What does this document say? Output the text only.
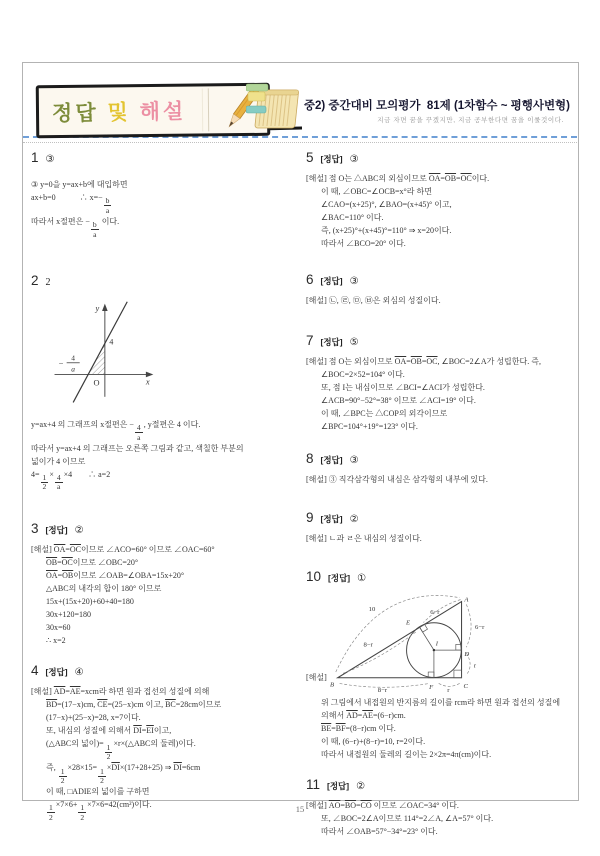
정답 및 해설	중2) 중간대비 모의평가  81제 (1차함수 ~ 평행사변형)
지금 자면 꿈을 꾸겠지만, 지금 공부한다면 꿈을 이룰것이다.
1 ③
③ y=0을 y=ax+b에 대입하면
ax+b=0　　　∴ $x=- \frac{b}{a}$
따라서 x절편은 − $\frac{b}{a}$ 이다.
2 2
y
x
O
4
−
4
a
y=ax+4 의 그래프의 x절편은 − $\frac{4}{a}$ , y절편은 4 이다.
따라서 y=ax+4 의 그래프는 오른쪽 그림과 같고, 색칠한 부분의
넓이가 4 이므로
$4= \frac{1}{2} \times \frac{4}{a} \times 4$　　∴ a=2
3 [정답] ②
[해설] $\overline{OA}=\overline{OC}$이므로 ∠ACO=60° 이므로 ∠OAC=60°
$\overline{OB}=\overline{OC}$이므로 ∠OBC=20°
$\overline{OA}=\overline{OB}$이므로 ∠OAB=∠OBA=15x+20°
△ABC의 내각의 합이 180° 이므로
15x+(15x+20)+60+40=180
30x+120=180
30x=60
∴ x=2
4 [정답] ④
[해설] $\overline{AD}=\overline{AE}=xcm$라 하면 원과 접선의 성질에 의해
$\overline{BD}=(17-x)cm$, $\overline{CE}=(25-x)cm$ 이고, $\overline{BC}=28cm$이므로
(17−x)+(25−x)=28, x=7이다.
또, 내심의 성질에 의해서 $\overline{DI}=\overline{EI}$이고,
(△ABC의 넓이)= $\frac{1}{2}$ ×r×(△ABC의 둘레)이다.
즉, $\frac{1}{2} \times 28\times 15= \frac{1}{2} \times\overline{DI}\times(17+28+25)$ ⇒ $\overline{DI}=6cm$
이 때, □ADIE의 넓이를 구하면
$\frac{1}{2} \times 7\times 6+ \frac{1}{2} \times 7\times 6=42(cm^2)$이다.
5 [정답] ③
[해설] 점 O는 △ABC의 외심이므로 $\overline{OA}=\overline{OB}=\overline{OC}$이다.
이 때, ∠OBC=∠OCB=x°라 하면
∠CAO=(x+25)°, ∠BAO=(x+45)° 이고,
∠BAC=110° 이다.
즉, (x+25)°+(x+45)°=110° ⇒ x=20이다.
따라서 ∠BCO=20° 이다.
6 [정답] ③
[해설] ㉡, ㉣, ㉤, ㉥은 외심의 성질이다.
7 [정답] ⑤
[해설] 점 O는 외심이므로 $\overline{OA}=\overline{OB}=\overline{OC}$, ∠BOC=2∠A가 성립한다. 즉,
∠BOC=2×52=104° 이다.
또, 점 I는 내심이므로 ∠BCI=∠ACI가 성립한다.
∠ACB=90°−52°=38° 이므로 ∠ACI=19° 이다.
이 때, ∠BPC는 △COP의 외각이므로
∠BPC=104°+19°=123° 이다.
8 [정답] ③
[해설] ③ 직각삼각형의 내심은 삼각형의 내부에 있다.
9 [정답] ②
[해설] ㄴ과 ㄹ은 내심의 성질이다.
10 [정답] ①
[해설]
A
B	C
D
E
F
I
10	6−r
8−r
6−r
r
8−r	r
위 그림에서 내접원의 반지름의 길이를 rcm라 하면 원과 접선의 성질에
의해서 $\overline{AD}=\overline{AE}=(6-r)cm$.
$\overline{BE}=\overline{BF}=(8-r)cm$ 이다.
이 때, (6−r)+(8−r)=10, r=2이다.
따라서 내접원의 둘레의 길이는 2×2π=4π(cm)이다.
11 [정답] ②
[해설] $\overline{AO}=\overline{BO}=\overline{CO}$ 이므로 ∠OAC=34° 이다.
또, ∠BOC=2∠A이므로 114°=2∠A, ∠A=57° 이다.
따라서 ∠OAB=57°−34°=23° 이다.
15
